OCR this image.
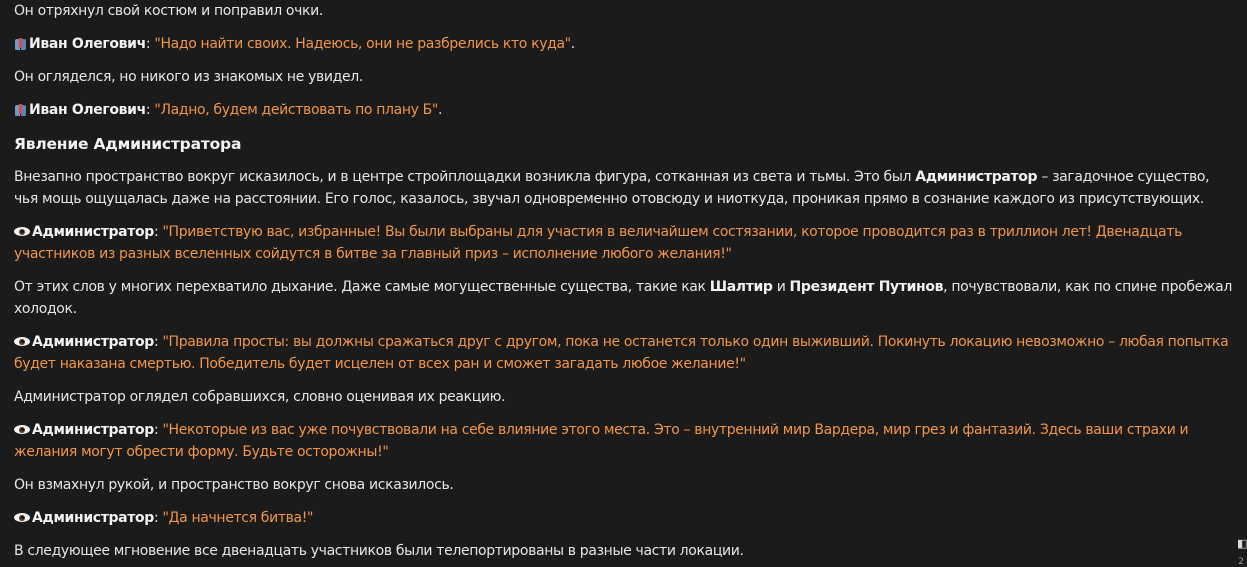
Он отряхнул свой костюм и поправил очки.

Иван Олегович: "Надо найти своих. Надеюсь, они не разбрелись кто куда".

Он огляделся, но никого из знакомых не увидел.

Иван Олегович: "Ладно, будем действовать по плану Б".

Явление Администратора

Внезапно пространство вокруг исказилось, и в центре стройплощадки возникла фигура, сотканная из света и тьмы. Это был Администратор – загадочное существо, чья мощь ощущалась даже на расстоянии. Его голос, казалось, звучал одновременно отовсюду и ниоткуда, проникая прямо в сознание каждого из присутствующих.

Администратор: "Приветствую вас, избранные! Вы были выбраны для участия в величайшем состязании, которое проводится раз в триллион лет! Двенадцать участников из разных вселенных сойдутся в битве за главный приз – исполнение любого желания!"

От этих слов у многих перехватило дыхание. Даже самые могущественные существа, такие как Шалтир и Президент Путинов, почувствовали, как по спине пробежал холодок.

Администратор: "Правила просты: вы должны сражаться друг с другом, пока не останется только один выживший. Покинуть локацию невозможно – любая попытка будет наказана смертью. Победитель будет исцелен от всех ран и сможет загадать любое желание!"

Администратор оглядел собравшихся, словно оценивая их реакцию.

Администратор: "Некоторые из вас уже почувствовали на себе влияние этого места. Это – внутренний мир Вардера, мир грез и фантазий. Здесь ваши страхи и желания могут обрести форму. Будьте осторожны!"

Он взмахнул рукой, и пространство вокруг снова исказилось.

Администратор: "Да начнется битва!"

В следующее мгновение все двенадцать участников были телепортированы в разные части локации.	◧
2
